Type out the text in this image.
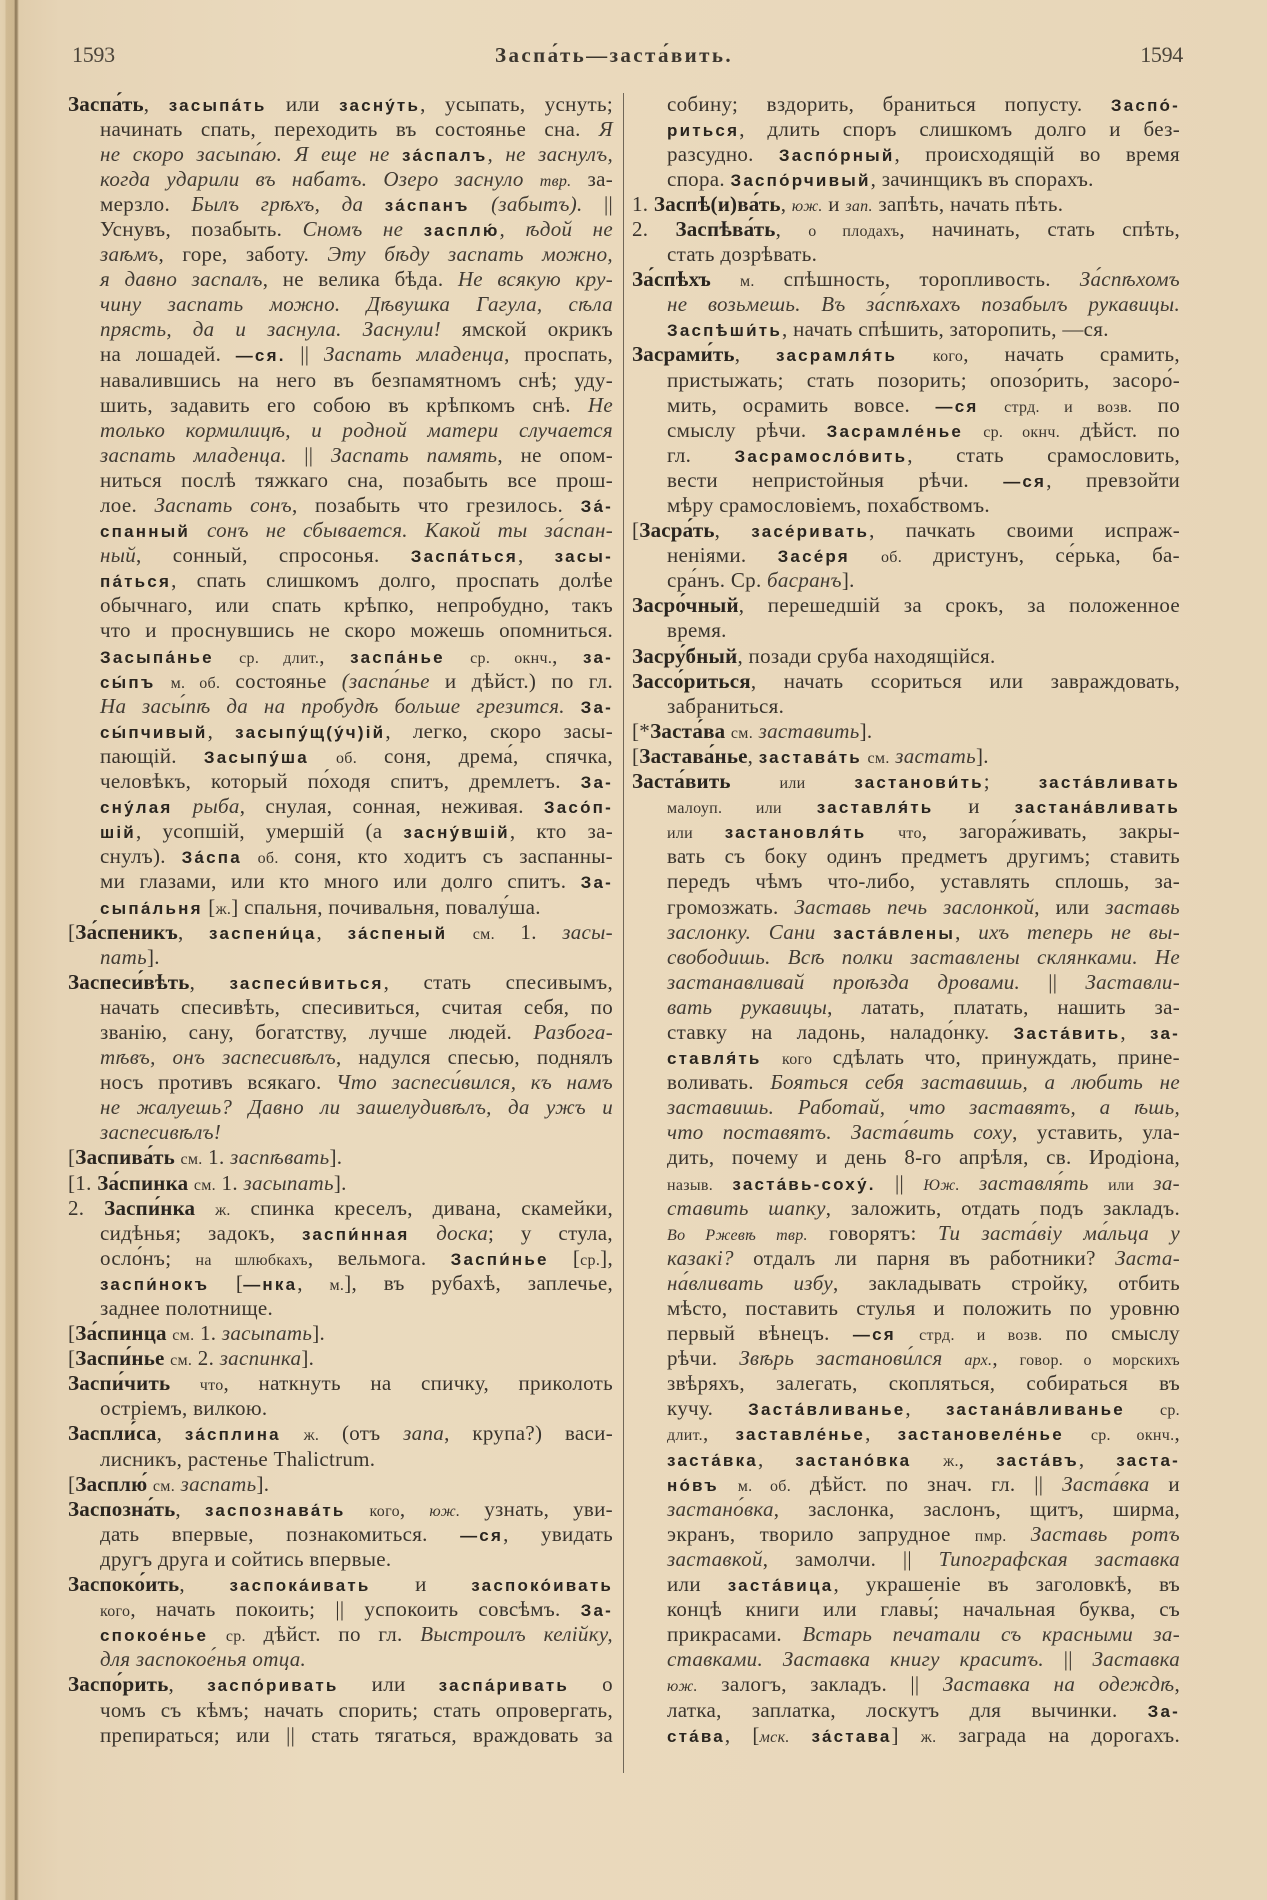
1593	Заспа́ть—заста́вить.	1594
Заспа́ть, засыпа́ть или засну́ть, усыпать, уснуть;
начинать спать, переходить въ состоянье сна. Я
не скоро засыпа́ю. Я еще не за́спалъ, не заснулъ,
когда ударили въ набатъ. Озеро заснуло твр. за-
мерзло. Былъ грѣхъ, да за́спанъ (забытъ). ||
Уснувъ, позабыть. Сномъ не засплю́, ѣдой не
заѣмъ, горе, заботу. Эту бѣду заспать можно,
я давно заспалъ, не велика бѣда. Не всякую кру-
чину заспать можно. Дѣвушка Гагула, сѣла
прясть, да и заснула. Заснули! ямской окрикъ
на лошадей. —ся. || Заспать младенца, проспать,
навалившись на него въ безпамятномъ снѣ; уду-
шить, задавить его собою въ крѣпкомъ снѣ. Не
только кормилицѣ, и родной матери случается
заспать младенца. || Заспать память, не опом-
ниться послѣ тяжкаго сна, позабыть все прош-
лое. Заспать сонъ, позабыть что грезилось. За́-
спанный сонъ не сбывается. Какой ты за́спан-
ный, сонный, спросонья. Заспа́ться, засы-
па́ться, спать слишкомъ долго, проспать долѣе
обычнаго, или спать крѣпко, непробудно, такъ
что и проснувшись не скоро можешь опомниться.
Засыпа́нье ср. длит., заспа́нье ср. окнч., за-
сы́пъ м. об. состоянье (заспа́нье и дѣйст.) по гл.
На засы́пѣ да на пробудѣ больше грезится. За-
сы́пчивый, засыпу́щ(у́ч)ій, легко, скоро засы-
пающій. Засыпу́ша об. соня, дрема́, спячка,
человѣкъ, который по́ходя спитъ, дремлетъ. За-
сну́лая рыба, снулая, сонная, неживая. Засо́п-
шій, усопшій, умершій (а засну́вшій, кто за-
снулъ). За́спа об. соня, кто ходитъ съ заспанны-
ми глазами, или кто много или долго спитъ. За-
сыпа́льня [ж.] спальня, почивальня, повалу́ша.
[За́спеникъ, заспени́ца, за́спеный см. 1. засы-
пать].
Заспеси́вѣть, заспеси́виться, стать спесивымъ,
начать спесивѣть, спесивиться, считая себя, по
званію, сану, богатству, лучше людей. Разбога-
тѣвъ, онъ заспесивѣлъ, надулся спесью, поднялъ
носъ противъ всякаго. Что заспеси́вился, къ намъ
не жалуешь? Давно ли зашелудивѣлъ, да ужъ и
заспесивѣлъ!
[Заспива́ть см. 1. заспѣвать].
[1. За́спинка см. 1. засыпать].
2. Заспи́нка ж. спинка креселъ, дивана, скамейки,
сидѣнья; задокъ, заспи́нная доска; у стула,
осло́нъ; на шлюбкахъ, вельмога. Заспи́нье [ср.],
заспи́нокъ [—нка, м.], въ рубахѣ, заплечье,
заднее полотнище.
[За́спинца см. 1. засыпать].
[Заспи́нье см. 2. заспинка].
Заспи́чить что, наткнуть на спичку, приколоть
остріемъ, вилкою.
Заспли́са, за́сплина ж. (отъ запа, крупа?) васи-
лисникъ, растенье Thalictrum.
[Засплю́ см. заспать].
Заспозна́ть, заспознава́ть кого, юж. узнать, уви-
дать впервые, познакомиться. —ся, увидать
другъ друга и сойтись впервые.
Заспоко́ить, заспока́ивать и заспоко́ивать
кого, начать покоить; || успокоить совсѣмъ. За-
спокое́нье ср. дѣйст. по гл. Выстроилъ келійку,
для заспокое́нья отца.
Заспо́рить, заспо́ривать или заспа́ривать о
чомъ съ кѣмъ; начать спорить; стать опровергать,
препираться; или || стать тягаться, враждовать за
собину; вздорить, браниться попусту. Заспо́-
риться, длить споръ слишкомъ долго и без-
разсудно. Заспо́рный, происходящій во время
спора. Заспо́рчивый, зачинщикъ въ спорахъ.
1. Заспѣ(и)ва́ть, юж. и зап. запѣть, начать пѣть.
2. Заспѣва́ть, о плодахъ, начинать, стать спѣть,
стать дозрѣвать.
За́спѣхъ м. спѣшность, торопливость. За́спѣхомъ
не возьмешь. Въ за́спѣхахъ позабылъ рукавицы.
Заспѣши́ть, начать спѣшить, заторопить, —ся.
Засрами́ть, засрамля́ть кого, начать срамить,
пристыжать; стать позорить; опозо́рить, засоро́-
мить, осрамить вовсе. —ся стрд. и возв. по
смыслу рѣчи. Засрамле́нье ср. окнч. дѣйст. по
гл. Засрамосло́вить, стать срамословить,
вести непристойныя рѣчи. —ся, превзойти
мѣру срамословіемъ, похабствомъ.
[Засра́ть, засе́ривать, пачкать своими испраж-
неніями. Засе́ря об. дристунъ, се́рька, ба-
сра́нъ. Ср. басранъ].
Засро́чный, перешедшій за срокъ, за положенное
время.
Засру́бный, позади сруба находящійся.
Зассо́риться, начать ссориться или завраждовать,
забраниться.
[*Заста́ва см. заставить].
[Застава́нье, застава́ть см. застать].
Заста́вить	или	застанови́ть; заста́вливать
малоуп. или заставля́ть и застана́вливать
или застановля́ть что, загора́живать, закры-
вать съ боку одинъ предметъ другимъ; ставить
передъ чѣмъ что-либо, уставлять сплошь, за-
громозжать. Заставь печь заслонкой, или заставь
заслонку. Сани заста́влены, ихъ теперь не вы-
свободишь. Всѣ полки заставлены склянками. Не
застанавливай проѣзда дровами. || Заставли-
вать рукавицы, латать, платать, нашить за-
ставку на ладонь, наладо́нку. Заста́вить, за-
ставля́ть кого сдѣлать что, принуждать, прине-
воливать. Бояться себя заставишь, а любить не
заставишь. Работай, что заставятъ, а ѣшь,
что поставятъ. Заста́вить соху, уставить, ула-
дить, почему и день 8-го апрѣля, св. Иродіона,
назыв. заста́вь-соху́. || Юж. заставля́ть или за-
ставить шапку, заложить, отдать подъ закладъ.
Во Ржевѣ твр. говорятъ: Ти заста́віу ма́льца у
казакі? отдалъ ли парня въ работники? Заста-
на́вливать избу, закладывать стройку, отбить
мѣсто, поставить стулья и положить по уровню
первый вѣнецъ. —ся стрд. и возв. по смыслу
рѣчи. Звѣрь застанови́лся арх., говор. о морскихъ
звѣряхъ, залегать, скопляться, собираться въ
кучу. Заста́вливанье, застана́вливанье ср.
длит., заставле́нье, застановеле́нье ср. окнч.,
заста́вка, застано́вка ж., заста́въ, заста-
но́въ м. об. дѣйст. по знач. гл. || Заста́вка и
застано́вка, заслонка, заслонъ, щитъ, ширма,
экранъ, творило запрудное пмр. Заставь ротъ
заставкой, замолчи. || Типографская заставка
или заста́вица, украшеніе въ заголовкѣ, въ
концѣ книги или главы́; начальная буква, съ
прикрасами. Встарь печатали съ красными за-
ставками. Заставка книгу краситъ. || Заставка
юж. залогъ, закладъ. || Заставка на одеждѣ,
латка, заплатка, лоскутъ для вычинки. За-
ста́ва, [мск. за́става] ж. заграда на дорогахъ.
